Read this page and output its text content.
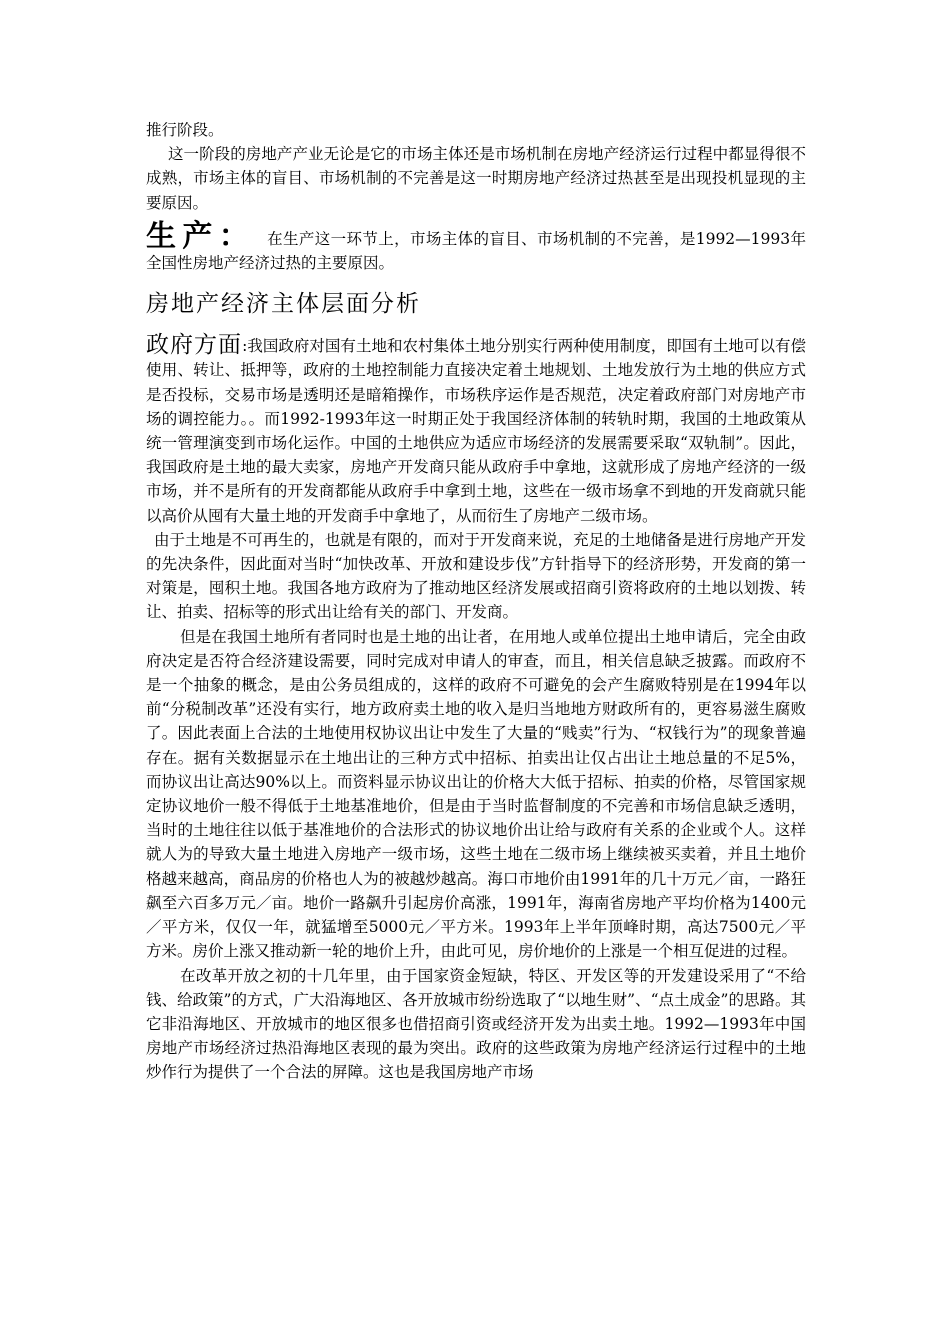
推行阶段。

这一阶段的房地产产业无论是它的市场主体还是市场机制在房地产经济运行过程中都显得很不成熟，市场主体的盲目、市场机制的不完善是这一时期房地产经济过热甚至是出现投机显现的主要原因。

生产： 在生产这一环节上，市场主体的盲目、市场机制的不完善，是1992—1993年全国性房地产经济过热的主要原因。

房地产经济主体层面分析

政府方面:我国政府对国有土地和农村集体土地分别实行两种使用制度，即国有土地可以有偿使用、转让、抵押等，政府的土地控制能力直接决定着土地规划、土地发放行为土地的供应方式是否投标，交易市场是透明还是暗箱操作，市场秩序运作是否规范，决定着政府部门对房地产市场的调控能力。。而1992-1993年这一时期正处于我国经济体制的转轨时期，我国的土地政策从统一管理演变到市场化运作。中国的土地供应为适应市场经济的发展需要采取“双轨制”。因此，我国政府是土地的最大卖家，房地产开发商只能从政府手中拿地，这就形成了房地产经济的一级市场，并不是所有的开发商都能从政府手中拿到土地，这些在一级市场拿不到地的开发商就只能以高价从囤有大量土地的开发商手中拿地了，从而衍生了房地产二级市场。

由于土地是不可再生的，也就是有限的，而对于开发商来说，充足的土地储备是进行房地产开发的先决条件，因此面对当时“加快改革、开放和建设步伐”方针指导下的经济形势，开发商的第一对策是，囤积土地。我国各地方政府为了推动地区经济发展或招商引资将政府的土地以划拨、转让、拍卖、招标等的形式出让给有关的部门、开发商。

但是在我国土地所有者同时也是土地的出让者，在用地人或单位提出土地申请后，完全由政府决定是否符合经济建设需要，同时完成对申请人的审查，而且，相关信息缺乏披露。而政府不是一个抽象的概念，是由公务员组成的，这样的政府不可避免的会产生腐败特别是在1994年以前“分税制改革”还没有实行，地方政府卖土地的收入是归当地地方财政所有的，更容易滋生腐败了。因此表面上合法的土地使用权协议出让中发生了大量的“贱卖”行为、“权钱行为”的现象普遍存在。据有关数据显示在土地出让的三种方式中招标、拍卖出让仅占出让土地总量的不足5%，而协议出让高达90%以上。而资料显示协议出让的价格大大低于招标、拍卖的价格，尽管国家规定协议地价一般不得低于土地基准地价，但是由于当时监督制度的不完善和市场信息缺乏透明，当时的土地往往以低于基准地价的合法形式的协议地价出让给与政府有关系的企业或个人。这样就人为的导致大量土地进入房地产一级市场，这些土地在二级市场上继续被买卖着，并且土地价格越来越高，商品房的价格也人为的被越炒越高。海口市地价由1991年的几十万元／亩，一路狂飙至六百多万元／亩。地价一路飙升引起房价高涨，1991年，海南省房地产平均价格为1400元／平方米，仅仅一年，就猛增至5000元／平方米。1993年上半年顶峰时期，高达7500元／平方米。房价上涨又推动新一轮的地价上升，由此可见，房价地价的上涨是一个相互促进的过程。

在改革开放之初的十几年里，由于国家资金短缺，特区、开发区等的开发建设采用了“不给钱、给政策”的方式，广大沿海地区、各开放城市纷纷选取了“以地生财”、“点土成金”的思路。其它非沿海地区、开放城市的地区很多也借招商引资或经济开发为出卖土地。1992—1993年中国房地产市场经济过热沿海地区表现的最为突出。政府的这些政策为房地产经济运行过程中的土地炒作行为提供了一个合法的屏障。这也是我国房地产市场
